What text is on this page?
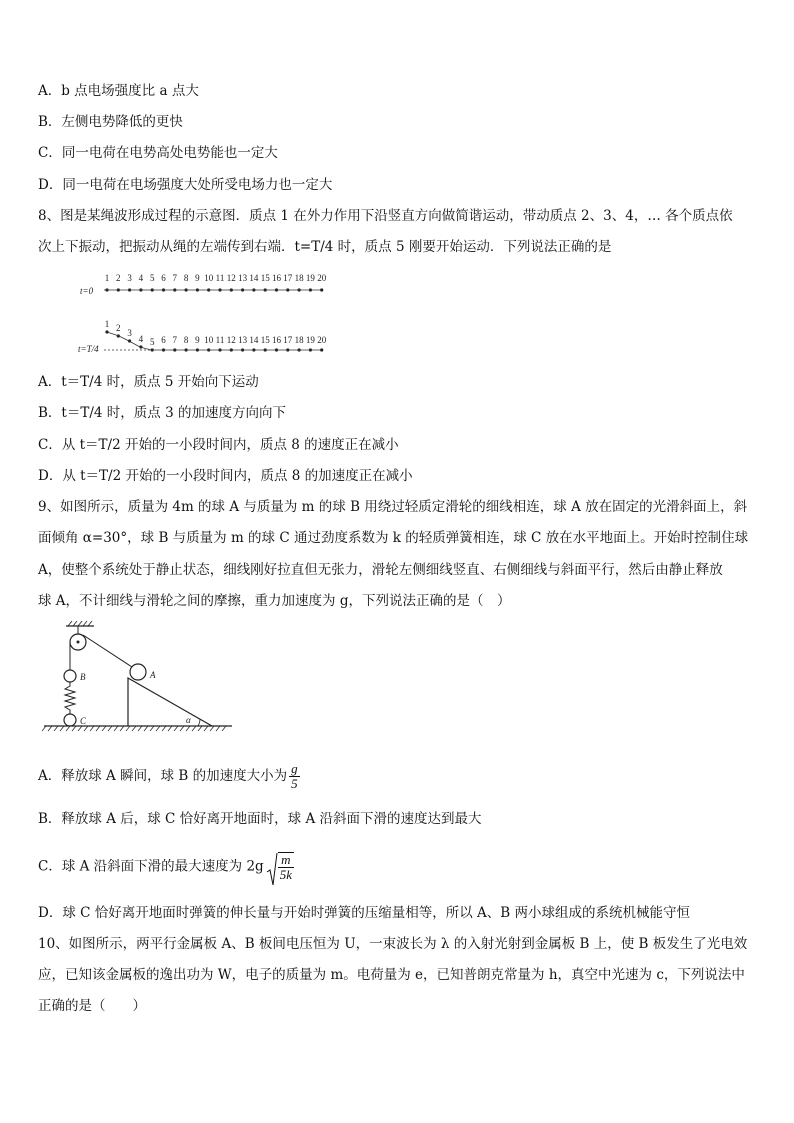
A．b 点电场强度比 a 点大
B．左侧电势降低的更快
C．同一电荷在电势高处电势能也一定大
D．同一电荷在电场强度大处所受电场力也一定大
8、图是某绳波形成过程的示意图．质点 1 在外力作用下沿竖直方向做简谐运动，带动质点 2、3、4，… 各个质点依
次上下振动，把振动从绳的左端传到右端．t=T/4 时，质点 5 刚要开始运动．下列说法正确的是
1 2 3 4 5 6 7 8 9 10 11 12 13 14 15 16 17 18 19 20
t=0
1 2 3
4 5 6 7 8 9 10 11 12 13 14 15 16 17 18 19 20
t=T/4
A．t＝T/4 时，质点 5 开始向下运动
B．t＝T/4 时，质点 3 的加速度方向向下
C．从 t＝T/2 开始的一小段时间内，质点 8 的速度正在减小
D．从 t＝T/2 开始的一小段时间内，质点 8 的加速度正在减小
9、如图所示，质量为 4m 的球 A 与质量为 m 的球 B 用绕过轻质定滑轮的细线相连，球 A 放在固定的光滑斜面上，斜
面倾角 α=30°，球 B 与质量为 m 的球 C 通过劲度系数为 k 的轻质弹簧相连，球 C 放在水平地面上。开始时控制住球
A，使整个系统处于静止状态，细线刚好拉直但无张力，滑轮左侧细线竖直、右侧细线与斜面平行，然后由静止释放
球 A，不计细线与滑轮之间的摩擦，重力加速度为 g，下列说法正确的是（　）
B
C
A
α
A．释放球 A 瞬间，球 B 的加速度大小为 $\frac{g}{5}$
B．释放球 A 后，球 C 恰好离开地面时，球 A 沿斜面下滑的速度达到最大
C．球 A 沿斜面下滑的最大速度为 $2g \frac{m}{5k}$
D．球 C 恰好离开地面时弹簧的伸长量与开始时弹簧的压缩量相等，所以 A、B 两小球组成的系统机械能守恒
10、如图所示，两平行金属板 A、B 板间电压恒为 U，一束波长为 λ 的入射光射到金属板 B 上，使 B 板发生了光电效
应，已知该金属板的逸出功为 W，电子的质量为 m。电荷量为 e，已知普朗克常量为 h，真空中光速为 c，下列说法中
正确的是（　　）
